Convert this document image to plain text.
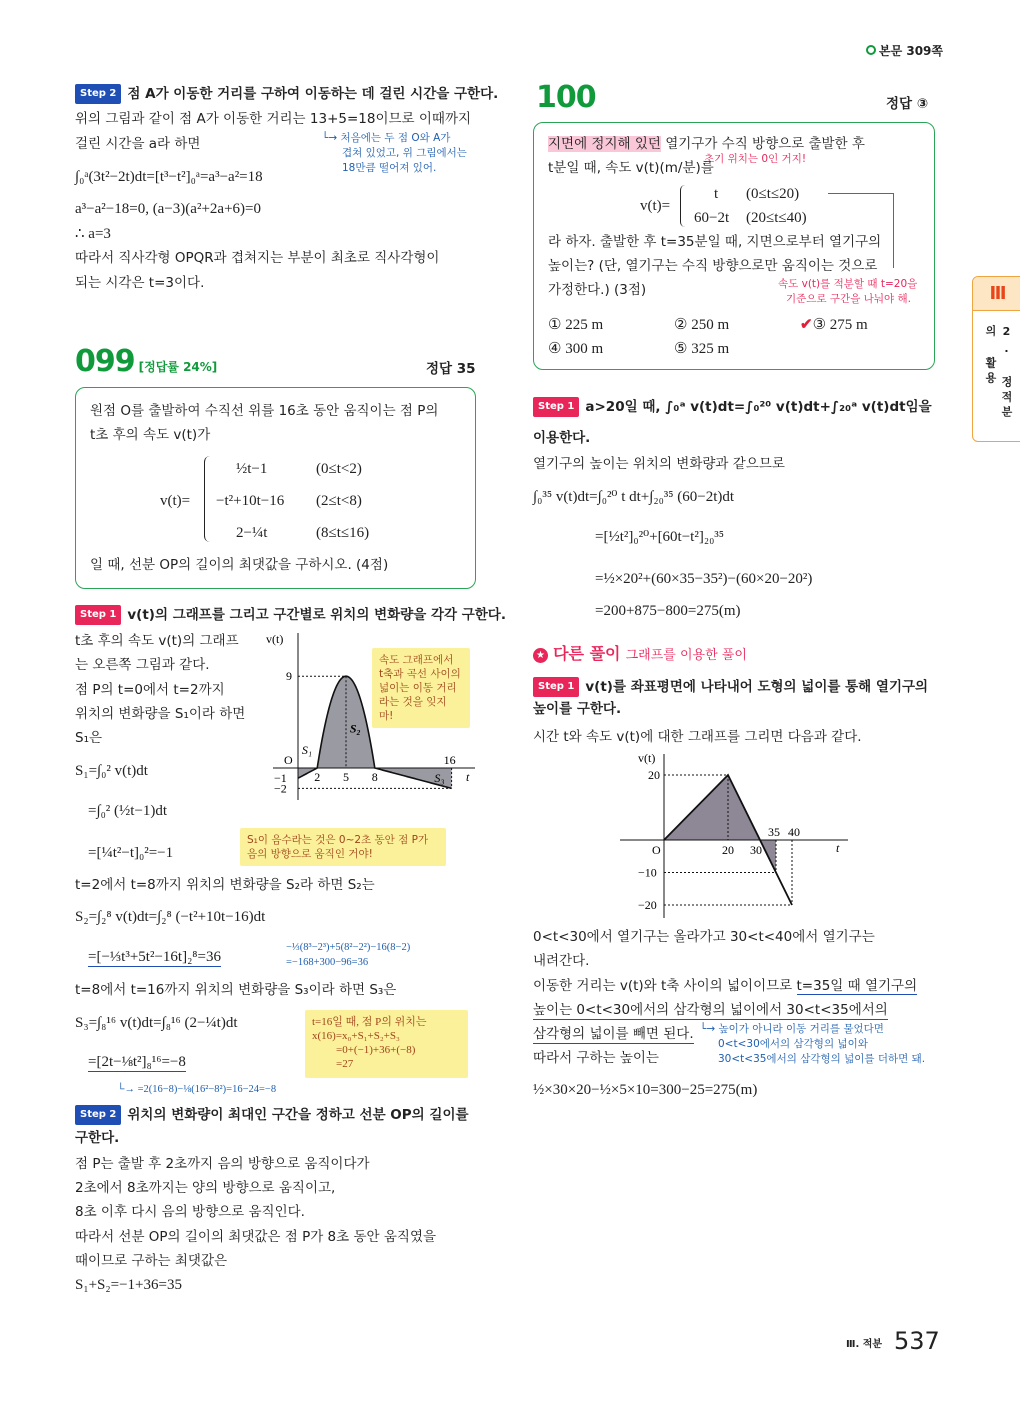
본문 309쪽
Ⅲ
2. 정적분의 활용
Step 2 점 A가 이동한 거리를 구하여 이동하는 데 걸린 시간을 구한다.
위의 그림과 같이 점 A가 이동한 거리는 13+5=18이므로 이때까지
걸린 시간을 a라 하면
∫₀ᵃ(3t²−2t)dt=[t³−t²]₀ᵃ=a³−a²=18
a³−a²−18=0, (a−3)(a²+2a+6)=0
∴ a=3
따라서 직사각형 OPQR과 겹쳐지는 부분이 최초로 직사각형이
되는 시각은 t=3이다.
└→ 처음에는 두 점 O와 A가
겹쳐 있었고, 위 그림에서는
18만큼 떨어져 있어.
099 [정답률 24%]	정답 35
원점 O를 출발하여 수직선 위를 16초 동안 움직이는 점 P의
t초 후의 속도 v(t)가
v(t)=
½t−1	(0≤t<2)
−t²+10t−16 (2≤t<8)
2−¼t	(8≤t≤16)
일 때, 선분 OP의 길이의 최댓값을 구하시오. (4점)
Step 1 v(t)의 그래프를 그리고 구간별로 위치의 변화량을 각각 구한다.
t초 후의 속도 v(t)의 그래프
는 오른쪽 그림과 같다.
점 P의 t=0에서 t=2까지
위치의 변화량을 S₁이라 하면
S₁은
S₁=∫₀² v(t)dt
=∫₀² (½t−1)dt
=[¼t²−t]₀²=−1
v(t)
t
O
2 5 8
16
9
−1
−2
S₁
S₂
S₃
속도 그래프에서
t축과 곡선 사이의
넓이는 이동 거리
라는 것을 잊지 마!
S₁이 음수라는 것은 0~2초 동안 점 P가
음의 방향으로 움직인 거야!
t=2에서 t=8까지 위치의 변화량을 S₂라 하면 S₂는
S₂=∫₂⁸ v(t)dt=∫₂⁸ (−t²+10t−16)dt
=[−⅓t³+5t²−16t]₂⁸=36
−⅓(8³−2³)+5(8²−2²)−16(8−2)
=−168+300−96=36
t=8에서 t=16까지 위치의 변화량을 S₃이라 하면 S₃은
S₃=∫₈¹⁶ v(t)dt=∫₈¹⁶ (2−¼t)dt
=[2t−⅛t²]₈¹⁶=−8
└→ =2(16−8)−⅛(16²−8²)=16−24=−8
t=16일 때, 점 P의 위치는
x(16)=x₀+S₁+S₂+S₃
=0+(−1)+36+(−8)
=27
Step 2 위치의 변화량이 최대인 구간을 정하고 선분 OP의 길이를
구한다.
점 P는 출발 후 2초까지 음의 방향으로 움직이다가
2초에서 8초까지는 양의 방향으로 움직이고,
8초 이후 다시 음의 방향으로 움직인다.
따라서 선분 OP의 길이의 최댓값은 점 P가 8초 동안 움직였을
때이므로 구하는 최댓값은
S₁+S₂=−1+36=35
100	정답 ③
지면에 정지해 있던 열기구가 수직 방향으로 출발한 후
초기 위치는 0인 거지!
t분일 때, 속도 v(t)(m/분)를
v(t)=
t (0≤t≤20)
60−2t (20≤t≤40)
라 하자. 출발한 후 t=35분일 때, 지면으로부터 열기구의
높이는? (단, 열기구는 수직 방향으로만 움직이는 것으로
가정한다.) (3점)	속도 v(t)를 적분할 때 t=20을
기준으로 구간을 나눠야 해.
① 225 m	② 250 m	✔③ 275 m
④ 300 m	⑤ 325 m
Step 1 a>20일 때, ∫₀ᵃ v(t)dt=∫₀²⁰ v(t)dt+∫₂₀ᵃ v(t)dt임을
이용한다.
열기구의 높이는 위치의 변화량과 같으므로
∫₀³⁵ v(t)dt=∫₀²⁰ t dt+∫₂₀³⁵ (60−2t)dt
=[½t²]₀²⁰+[60t−t²]₂₀³⁵
=½×20²+(60×35−35²)−(60×20−20²)
=200+875−800=275(m)
★ 다른 풀이 그래프를 이용한 풀이
Step 1 v(t)를 좌표평면에 나타내어 도형의 넓이를 통해 열기구의
높이를 구한다.
시간 t와 속도 v(t)에 대한 그래프를 그리면 다음과 같다.
v(t)
t
O	20 30
35 40
20
−10
−20
0<t<30에서 열기구는 올라가고 30<t<40에서 열기구는
내려간다.
이동한 거리는 v(t)와 t축 사이의 넓이이므로 t=35일 때 열기구의
높이는 0<t<30에서의 삼각형의 넓이에서 30<t<35에서의
삼각형의 넓이를 빼면 된다. └→ 높이가 아니라 이동 거리를 물었다면
0<t<30에서의 삼각형의 넓이와
30<t<35에서의 삼각형의 넓이를 더하면 돼.
따라서 구하는 높이는
½×30×20−½×5×10=300−25=275(m)
Ⅲ. 적분 537
